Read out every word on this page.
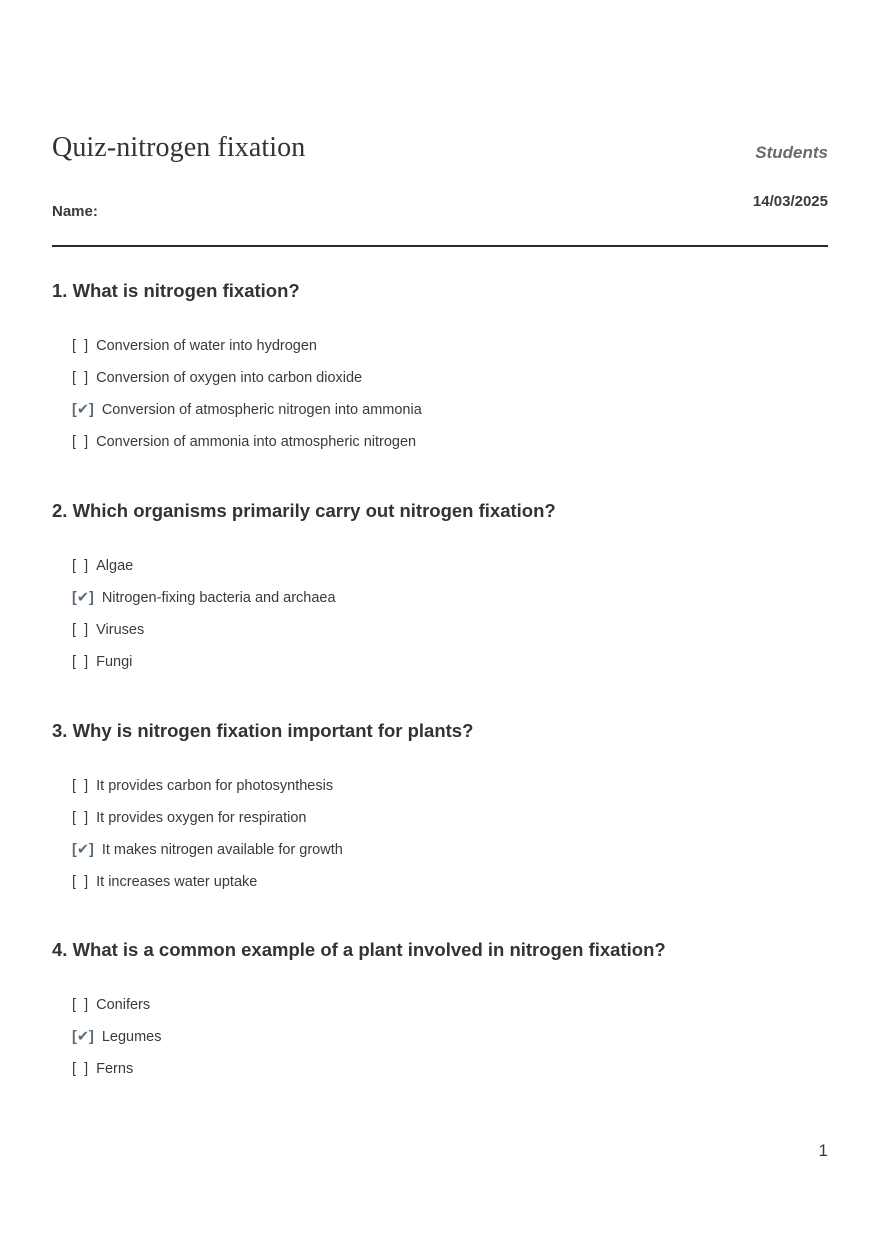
Quiz-nitrogen fixation	Students
14/03/2025
Name:
1. What is nitrogen fixation?
[  ] Conversion of water into hydrogen
[  ] Conversion of oxygen into carbon dioxide
[✔] Conversion of atmospheric nitrogen into ammonia
[  ] Conversion of ammonia into atmospheric nitrogen
2. Which organisms primarily carry out nitrogen fixation?
[  ] Algae
[✔] Nitrogen-fixing bacteria and archaea
[  ] Viruses
[  ] Fungi
3. Why is nitrogen fixation important for plants?
[  ] It provides carbon for photosynthesis
[  ] It provides oxygen for respiration
[✔] It makes nitrogen available for growth
[  ] It increases water uptake
4. What is a common example of a plant involved in nitrogen fixation?
[  ] Conifers
[✔] Legumes
[  ] Ferns
1
